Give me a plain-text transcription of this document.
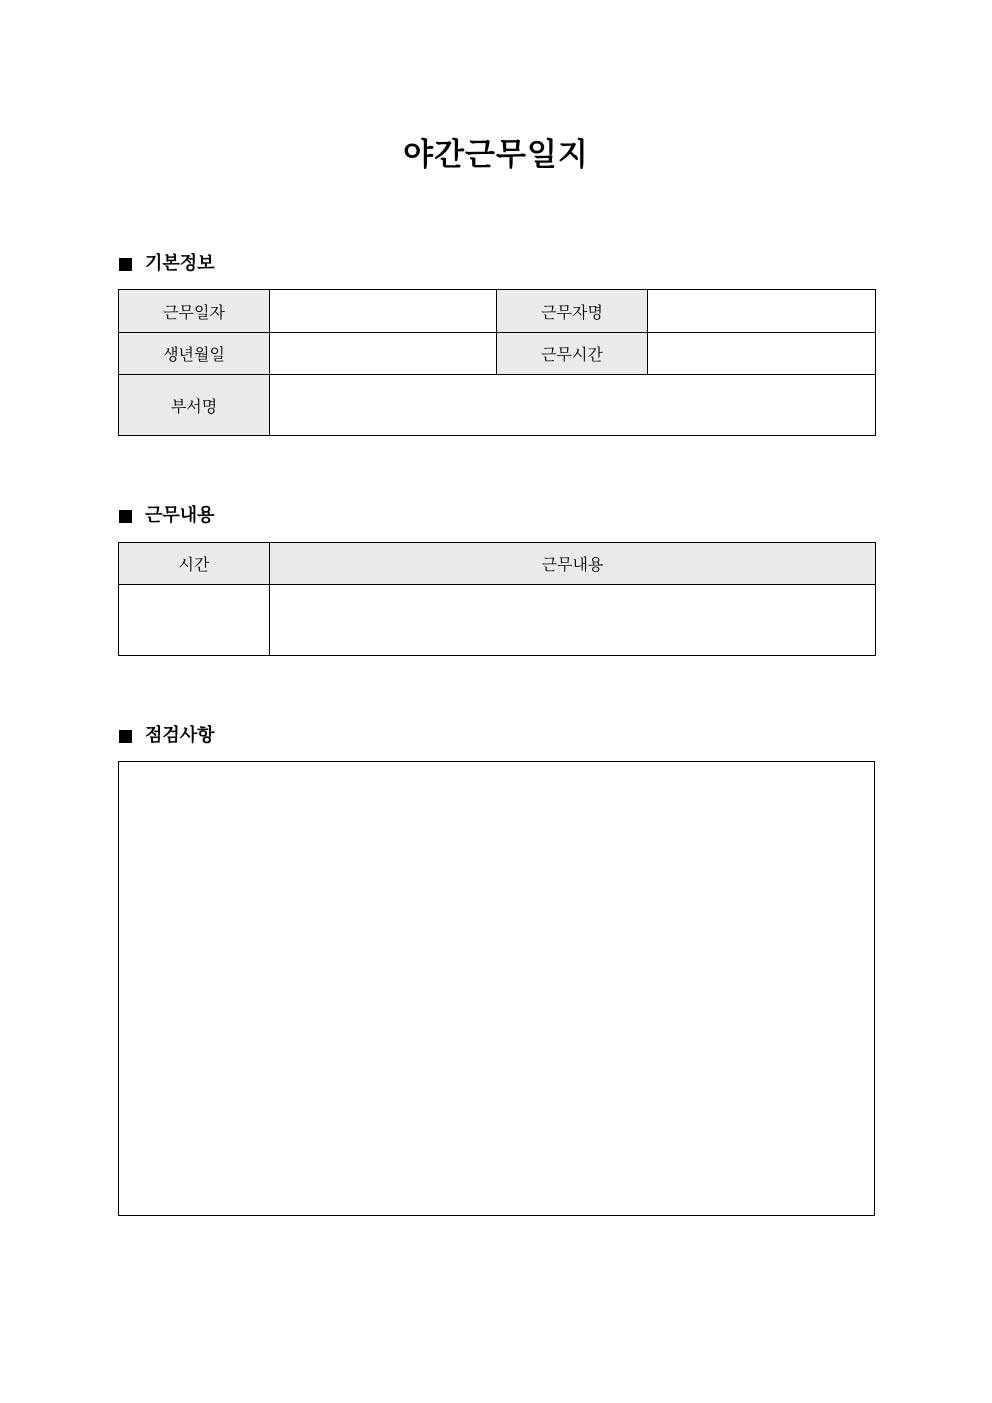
야간근무일지
기본정보
근무일자		근무자명	
생년월일		근무시간	
부서명			
근무내용
시간	근무내용

점검사항
